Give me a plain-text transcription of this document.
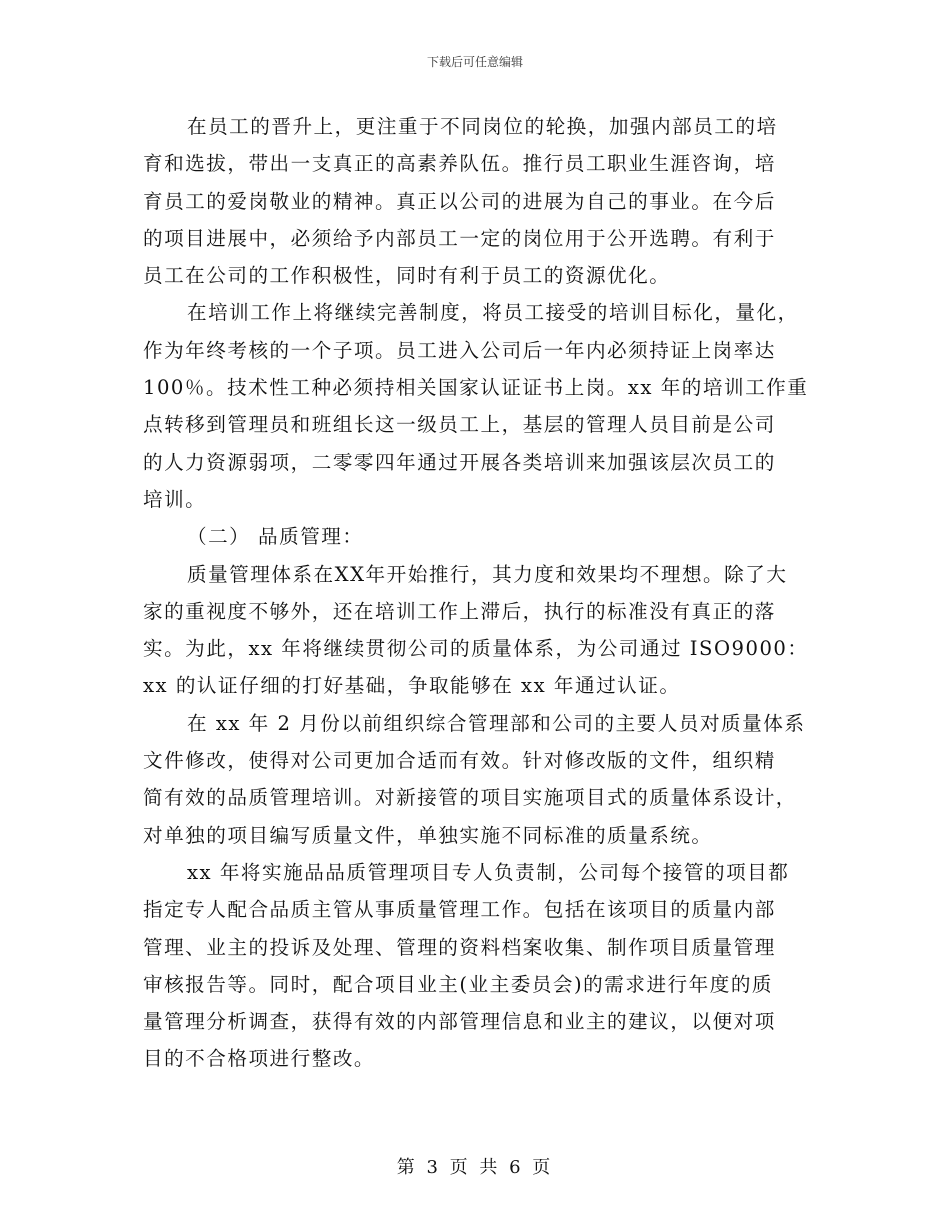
下载后可任意编辑
在员工的晋升上，更注重于不同岗位的轮换，加强内部员工的培
育和选拔，带出一支真正的高素养队伍。推行员工职业生涯咨询，培
育员工的爱岗敬业的精神。真正以公司的进展为自己的事业。在今后
的项目进展中，必须给予内部员工一定的岗位用于公开选聘。有利于
员工在公司的工作积极性，同时有利于员工的资源优化。
在培训工作上将继续完善制度，将员工接受的培训目标化，量化，
作为年终考核的一个子项。员工进入公司后一年内必须持证上岗率达
100％。技术性工种必须持相关国家认证证书上岗。xx 年的培训工作重
点转移到管理员和班组长这一级员工上，基层的管理人员目前是公司
的人力资源弱项，二零零四年通过开展各类培训来加强该层次员工的
培训。
（二） 品质管理：
质量管理体系在XX年开始推行，其力度和效果均不理想。除了大
家的重视度不够外，还在培训工作上滞后，执行的标准没有真正的落
实。为此，xx 年将继续贯彻公司的质量体系，为公司通过 ISO9000：
xx 的认证仔细的打好基础，争取能够在 xx 年通过认证。
在 xx 年 2 月份以前组织综合管理部和公司的主要人员对质量体系
文件修改，使得对公司更加合适而有效。针对修改版的文件，组织精
简有效的品质管理培训。对新接管的项目实施项目式的质量体系设计，
对单独的项目编写质量文件，单独实施不同标准的质量系统。
xx 年将实施品品质管理项目专人负责制，公司每个接管的项目都
指定专人配合品质主管从事质量管理工作。包括在该项目的质量内部
管理、业主的投诉及处理、管理的资料档案收集、制作项目质量管理
审核报告等。同时，配合项目业主(业主委员会)的需求进行年度的质
量管理分析调查，获得有效的内部管理信息和业主的建议，以便对项
目的不合格项进行整改。
第 3 页 共 6 页
